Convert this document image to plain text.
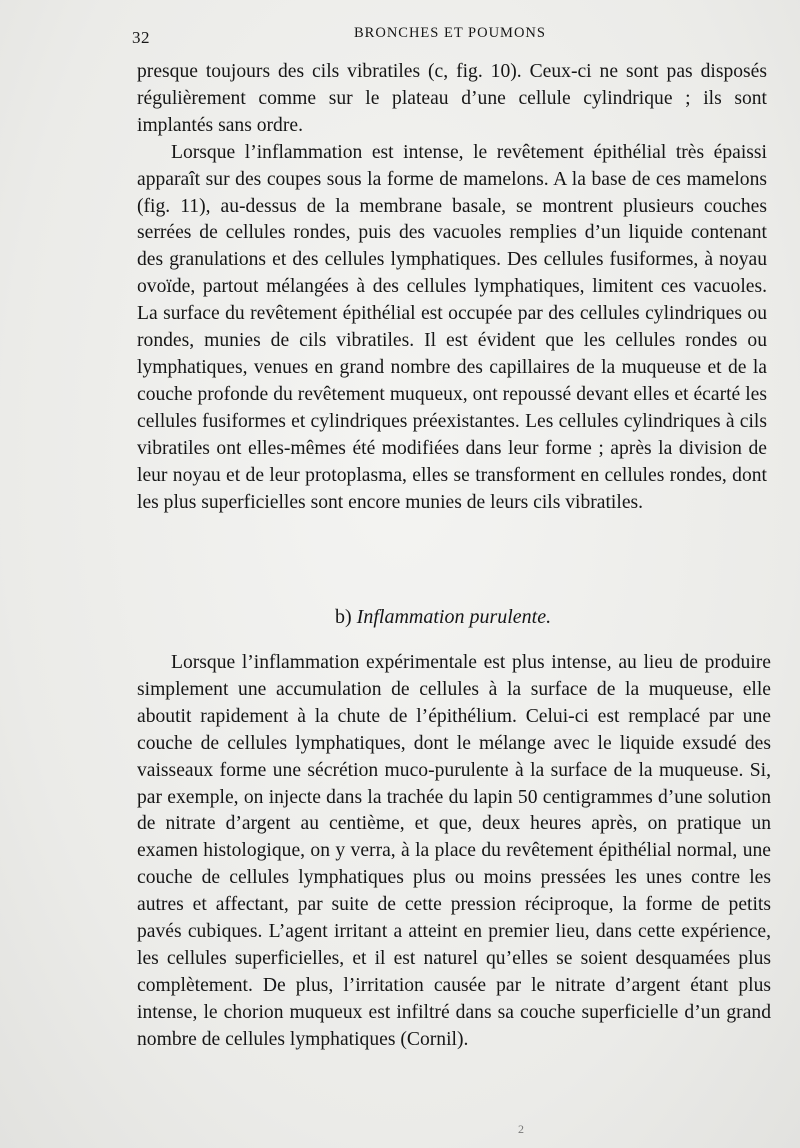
32	BRONCHES ET POUMONS

presque toujours des cils vibratiles (c, fig. 10). Ceux-ci ne sont pas disposés régulièrement comme sur le plateau d’une cellule cylindrique ; ils sont implantés sans ordre.

Lorsque l’inflammation est intense, le revêtement épithélial très épaissi apparaît sur des coupes sous la forme de mamelons. A la base de ces mamelons (fig. 11), au-dessus de la membrane basale, se montrent plusieurs couches serrées de cellules rondes, puis des vacuoles remplies d’un liquide contenant des granulations et des cellules lymphatiques. Des cellules fusiformes, à noyau ovoïde, partout mélangées à des cellules lymphatiques, limitent ces vacuoles. La surface du revêtement épithélial est occupée par des cellules cylindriques ou rondes, munies de cils vibratiles. Il est évident que les cellules rondes ou lymphatiques, venues en grand nombre des capillaires de la muqueuse et de la couche profonde du revêtement muqueux, ont repoussé devant elles et écarté les cellules fusiformes et cylindriques préexistantes. Les cellules cylindriques à cils vibratiles ont elles-mêmes été modifiées dans leur forme ; après la division de leur noyau et de leur protoplasma, elles se transforment en cellules rondes, dont les plus superficielles sont encore munies de leurs cils vibratiles.

b) Inflammation purulente.

Lorsque l’inflammation expérimentale est plus intense, au lieu de produire simplement une accumulation de cellules à la surface de la muqueuse, elle aboutit rapidement à la chute de l’épithélium. Celui-ci est remplacé par une couche de cellules lymphatiques, dont le mélange avec le liquide exsudé des vaisseaux forme une sécrétion muco-purulente à la surface de la muqueuse. Si, par exemple, on injecte dans la trachée du lapin 50 centigrammes d’une solution de nitrate d’argent au centième, et que, deux heures après, on pratique un examen histologique, on y verra, à la place du revêtement épithélial normal, une couche de cellules lymphatiques plus ou moins pressées les unes contre les autres et affectant, par suite de cette pression réciproque, la forme de petits pavés cubiques. L’agent irritant a atteint en premier lieu, dans cette expérience, les cellules superficielles, et il est naturel qu’elles se soient desquamées plus complètement. De plus, l’irritation causée par le nitrate d’argent étant plus intense, le chorion muqueux est infiltré dans sa couche superficielle d’un grand nombre de cellules lymphatiques (Cornil).

2
